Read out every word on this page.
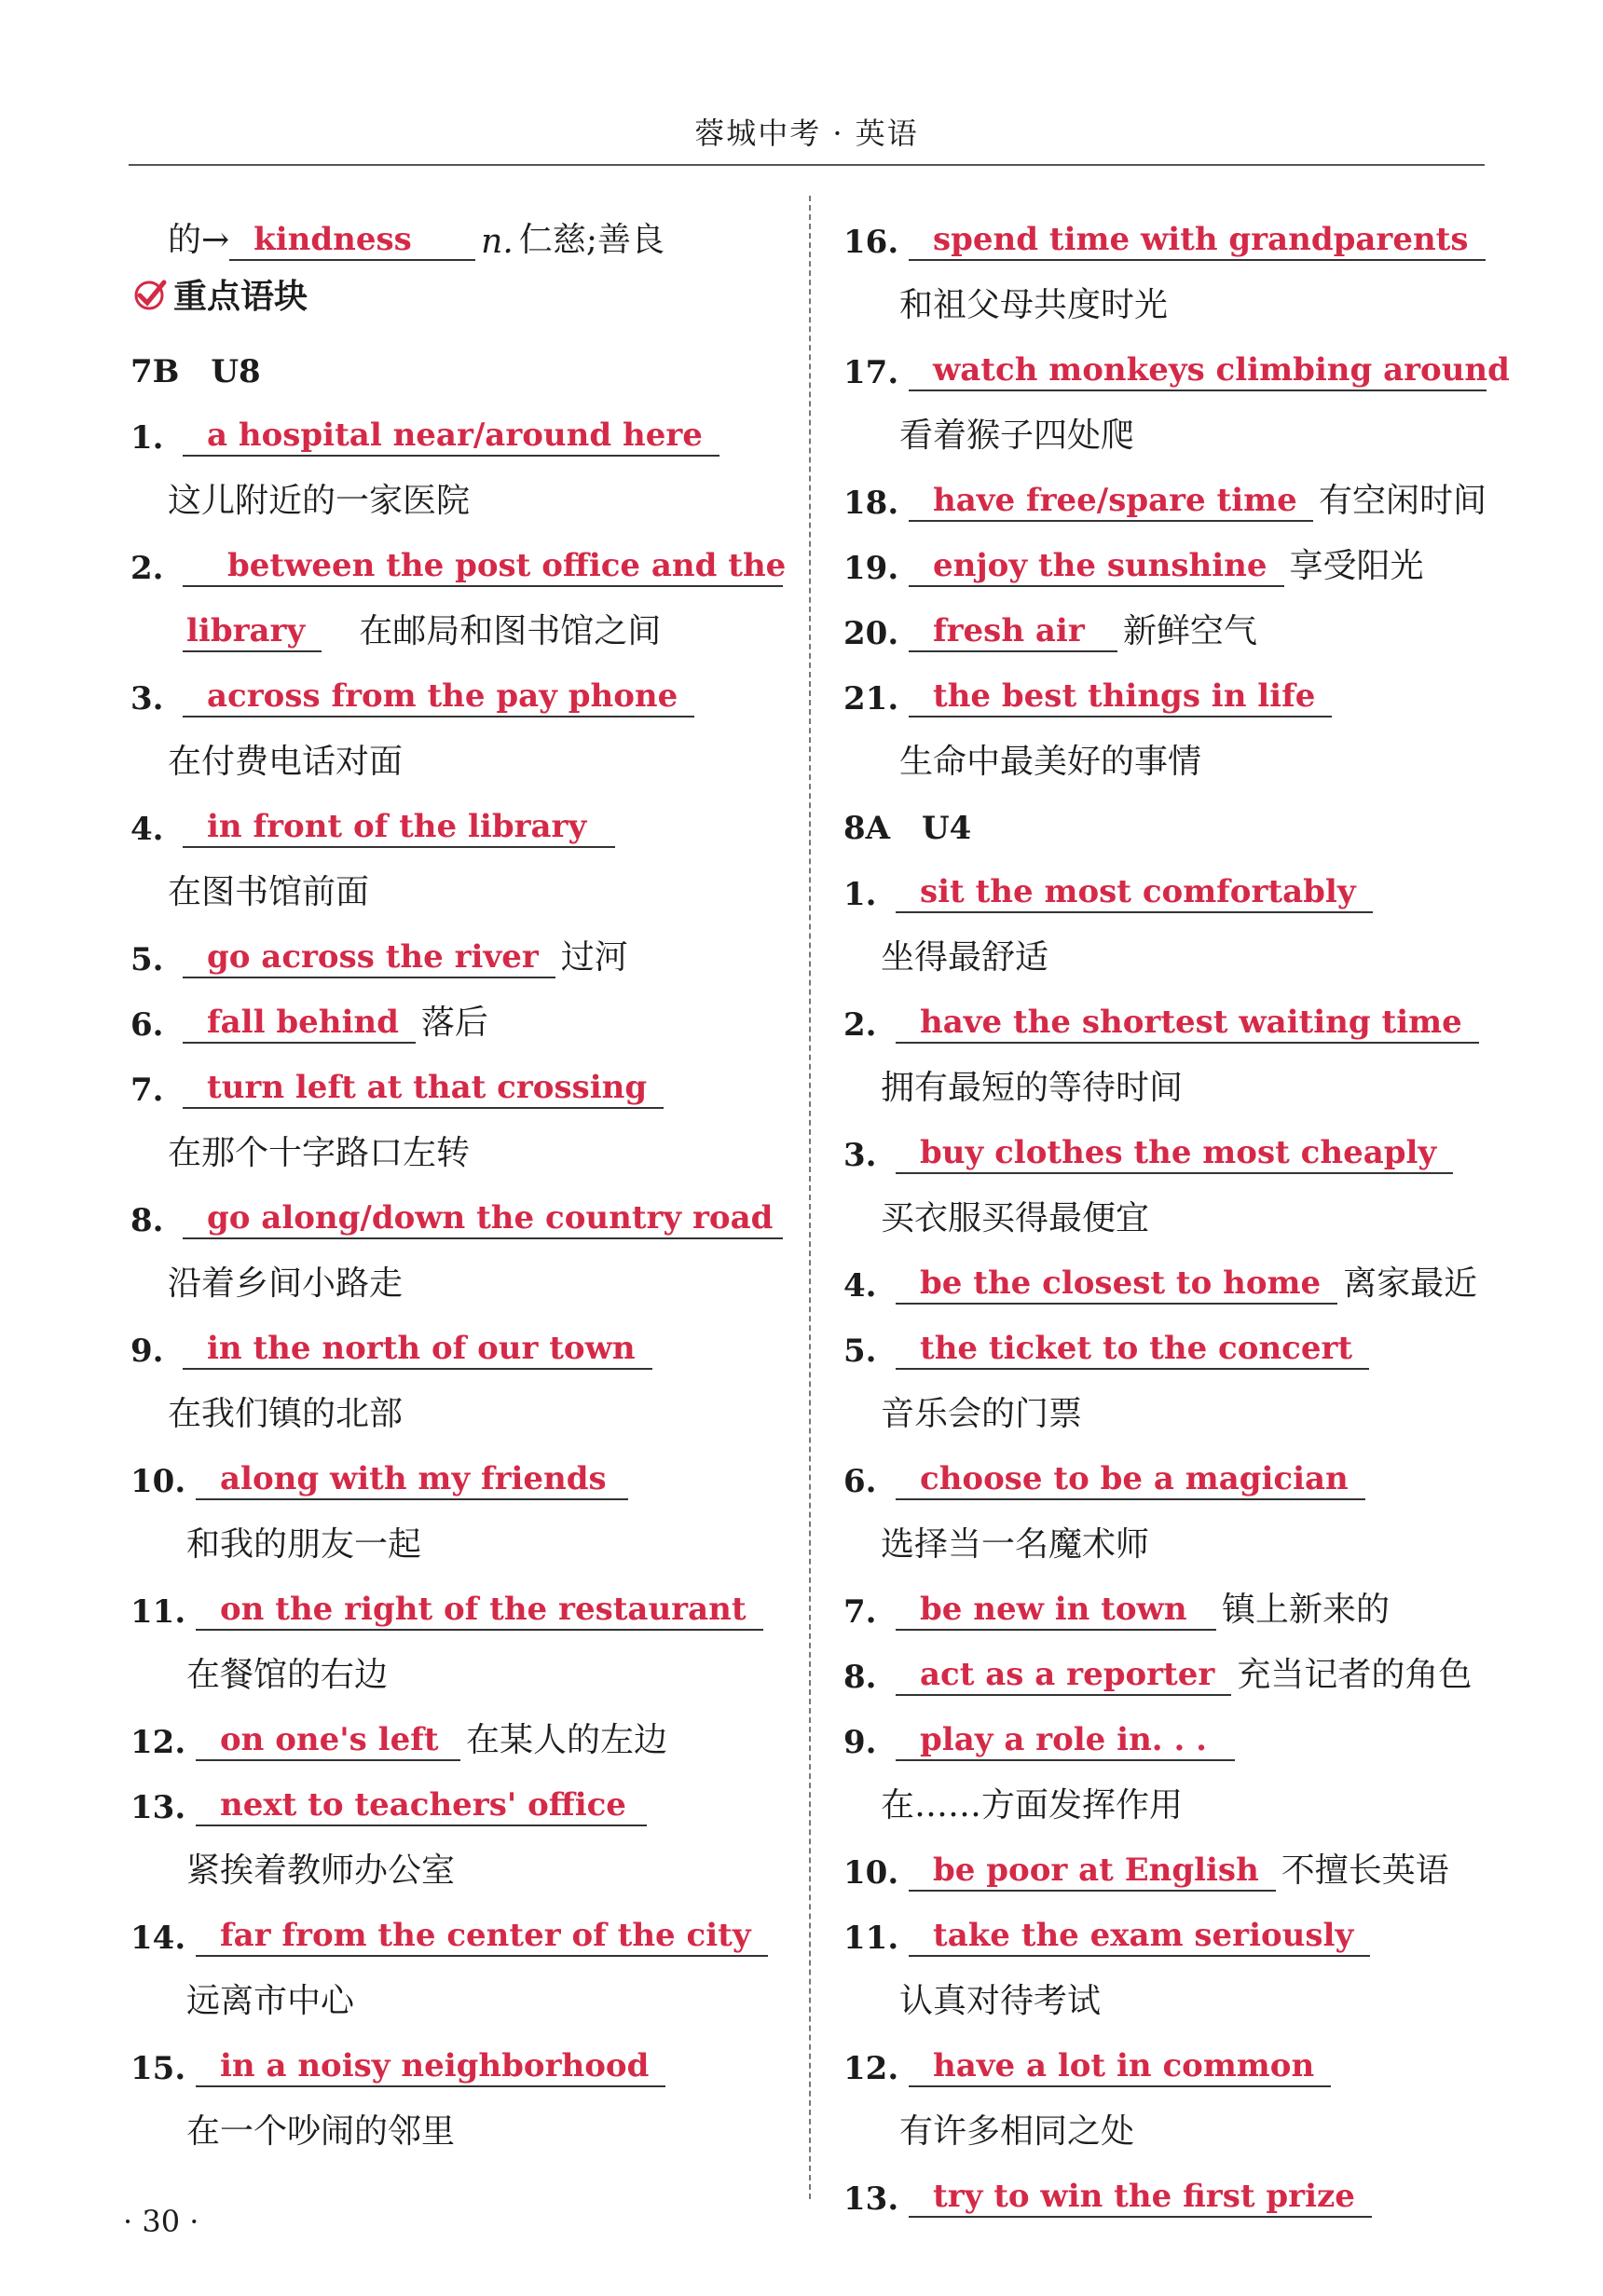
蓉城中考 · 英语
的→ kindness	n. 仁慈;善良
重点语块
7B　U8
1.	a hospital near/around here
这儿附近的一家医院
2.	between the post office and the
library	在邮局和图书馆之间
3.	across from the pay phone
在付费电话对面
4.	in front of the library
在图书馆前面
5.	go across the river 过河
6.	fall behind 落后
7.	turn left at that crossing
在那个十字路口左转
8.	go along/down the country road
沿着乡间小路走
9.	in the north of our town
在我们镇的北部
10.	along with my friends
和我的朋友一起
11.	on the right of the restaurant
在餐馆的右边
12.	on one's left 在某人的左边
13.	next to teachers' office
紧挨着教师办公室
14.	far from the center of the city
远离市中心
15.	in a noisy neighborhood
在一个吵闹的邻里
16.	spend time with grandparents
和祖父母共度时光
17.	watch monkeys climbing around
看着猴子四处爬
18.	have free/spare time 有空闲时间
19.	enjoy the sunshine 享受阳光
20.	fresh air	新鲜空气
21.	the best things in life
生命中最美好的事情
8A　U4
1.	sit the most comfortably
坐得最舒适
2.	have the shortest waiting time
拥有最短的等待时间
3.	buy clothes the most cheaply
买衣服买得最便宜
4.	be the closest to home 离家最近
5.	the ticket to the concert
音乐会的门票
6.	choose to be a magician
选择当一名魔术师
7.	be new in town	镇上新来的
8.	act as a reporter 充当记者的角色
9.	play a role in. . .
在……方面发挥作用
10.	be poor at English 不擅长英语
11.	take the exam seriously
认真对待考试
12.	have a lot in common
有许多相同之处
13.	try to win the first prize
· 30 ·
